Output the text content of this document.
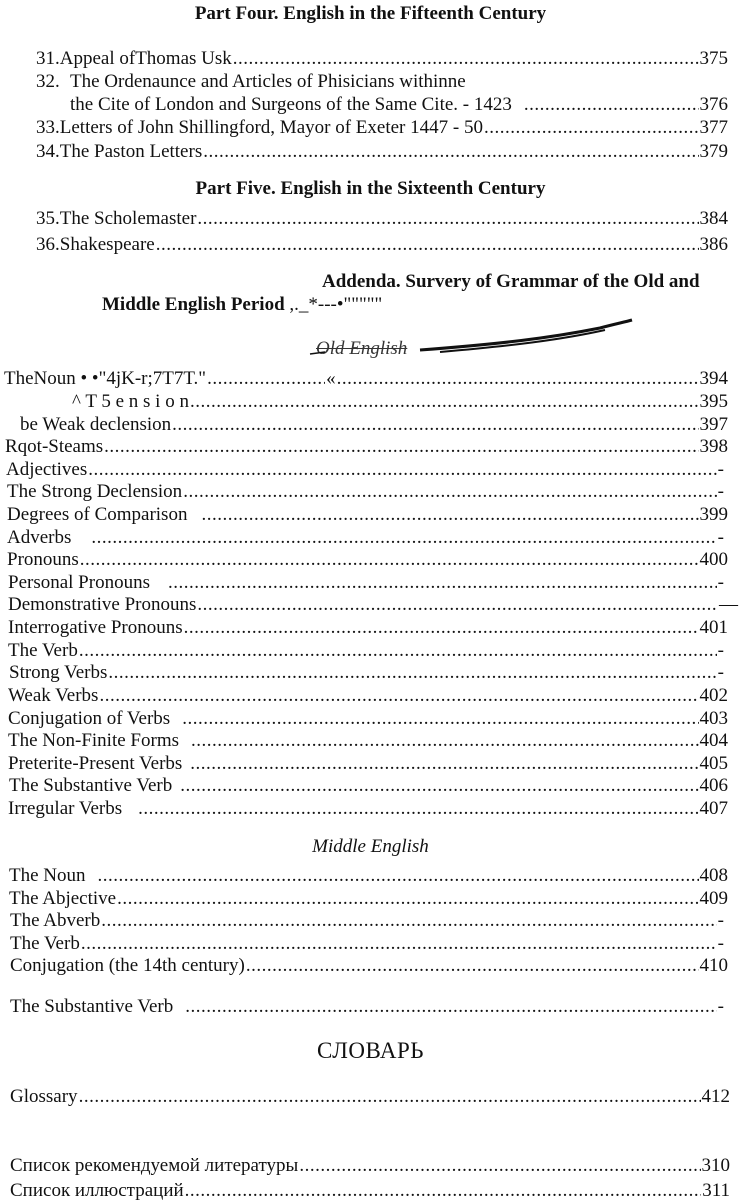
Part Four. English in the Fifteenth Century
31. Appeal ofThomas Usk .....	375
32. The Ordenaunce and Articles of Phisicians withinne
the Cite of London and Surgeons of the Same Cite. - 1423 .....	376
33. Letters of John Shillingford, Mayor of Exeter 1447 - 50 .....	377
34. The Paston Letters .....	379
Part Five. English in the Sixteenth Century
35. The Scholemaster .....	384
36. Shakespeare .....	386
Addenda. Survery of Grammar of the Old and
Middle English Period ,._*---•"""""
Old English
TheNoun • •"4jK-r;7T7T." .....	« .....	394
^ T 5 e n s i o n .....	395
be Weak declension .....	397
Rqot-Steams .....	398
Adjectives .....	-
The Strong Declension .....	-
Degrees of Comparison .....	399
Adverbs .....	-
Pronouns .....	400
Personal Pronouns .....	-
Demonstrative Pronouns .....	—
Interrogative Pronouns .....	401
The Verb .....	-
Strong Verbs .....	-
Weak Verbs .....	402
Conjugation of Verbs .....	403
The Non-Finite Forms .....	404
Preterite-Present Verbs .....	405
The Substantive Verb .....	406
Irregular Verbs .....	407
Middle English
The Noun .....	408
The Abjective .....	409
The Abverb .....	-
The Verb .....	-
Conjugation (the 14th century) .....	410
The Substantive Verb .....	-
СЛОВАРЬ
Glossary .....	412
Список рекомендуемой литературы .....	310
Список иллюстраций .....	311
